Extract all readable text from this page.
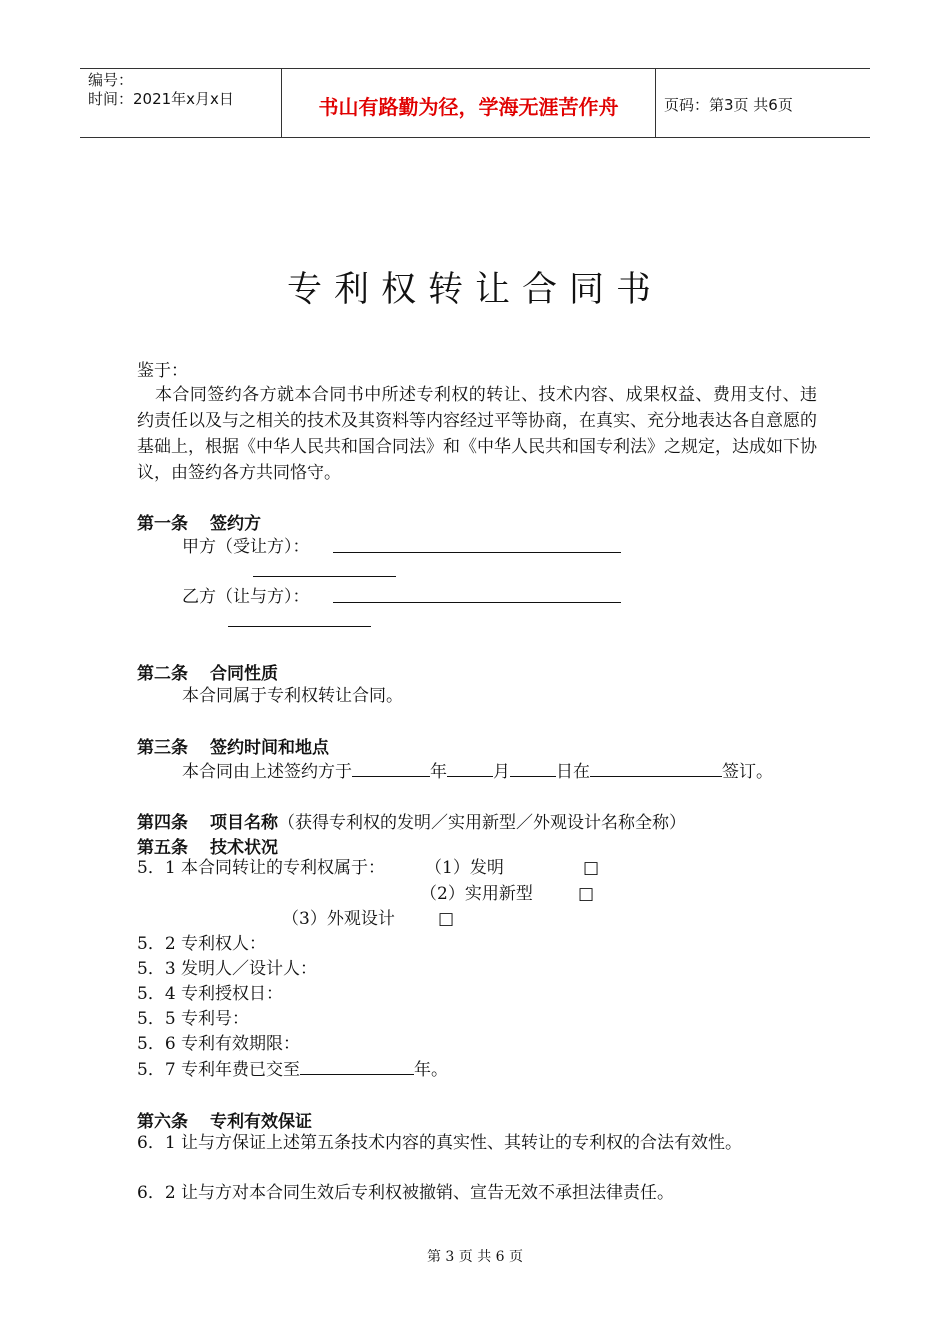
编号：
时间：2021年x月x日	书山有路勤为径，学海无涯苦作舟	页码：第3页 共6页
专利权转让合同书
鉴于：
本合同签约各方就本合同书中所述专利权的转让、技术内容、成果权益、费用支付、违约责任以及与之相关的技术及其资料等内容经过平等协商，在真实、充分地表达各自意愿的基础上，根据《中华人民共和国合同法》和《中华人民共和国专利法》之规定，达成如下协议，由签约各方共同恪守。
第一条 签约方
甲方（受让方）：
乙方（让与方）：
第二条 合同性质
本合同属于专利权转让合同。
第三条 签约时间和地点
本合同由上述签约方于	年	月	日在	签订。
第四条 项目名称（获得专利权的发明／实用新型／外观设计名称全称）
第五条 技术状况
5．1 本合同转让的专利权属于： （1）发明	□
（2）实用新型	□
（3）外观设计	□
5．2 专利权人：
5．3 发明人／设计人：
5．4 专利授权日：
5．5 专利号：
5．6 专利有效期限：
5．7 专利年费已交至	年。
第六条 专利有效保证
6．1 让与方保证上述第五条技术内容的真实性、其转让的专利权的合法有效性。
6．2 让与方对本合同生效后专利权被撤销、宣告无效不承担法律责任。
第 3 页 共 6 页
